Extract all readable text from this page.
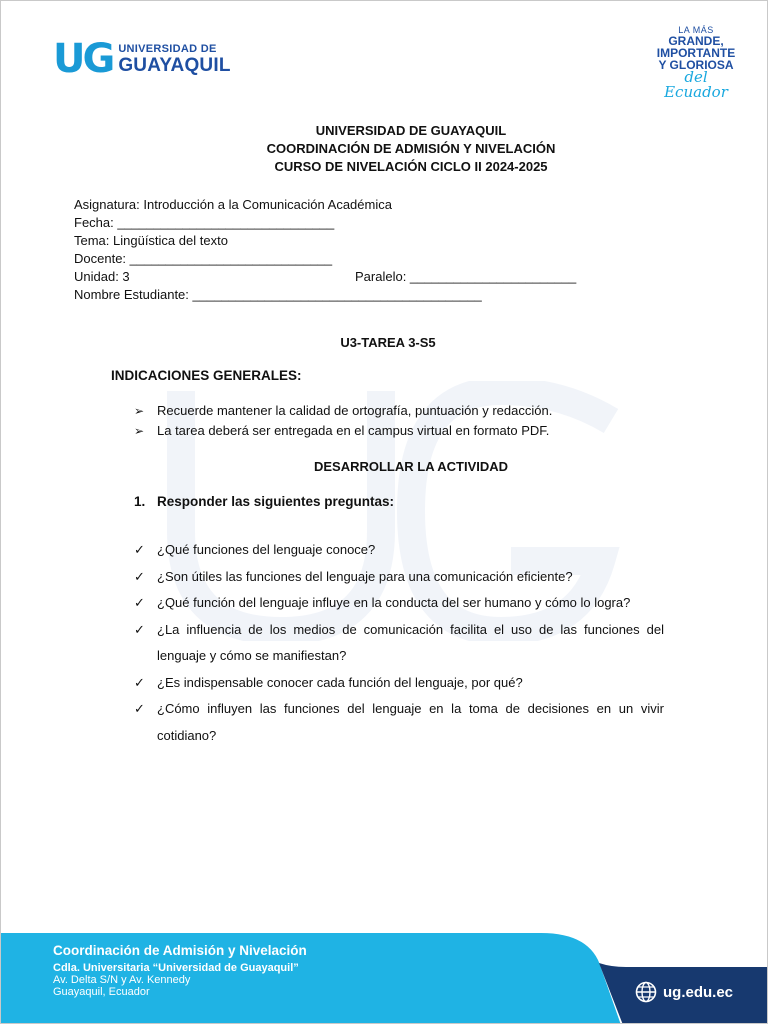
UG UNIVERSIDAD DE
GUAYAQUIL
LA MÁS
GRANDE,
IMPORTANTE
Y GLORIOSA
del Ecuador
UNIVERSIDAD DE GUAYAQUIL
COORDINACIÓN DE ADMISIÓN Y NIVELACIÓN
CURSO DE NIVELACIÓN CICLO II 2024-2025
Asignatura: Introducción a la Comunicación Académica
Fecha: ______________________________
Tema: Lingüística del texto
Docente: ____________________________
Unidad: 3	Paralelo: _______________________
Nombre Estudiante: ________________________________________
U3-TAREA 3-S5
INDICACIONES GENERALES:
➢ Recuerde mantener la calidad de ortografía, puntuación y redacción.
➢ La tarea deberá ser entregada en el campus virtual en formato PDF.
DESARROLLAR LA ACTIVIDAD
1. Responder las siguientes preguntas:
✓ ¿Qué funciones del lenguaje conoce?
✓ ¿Son útiles las funciones del lenguaje para una comunicación eficiente?
✓ ¿Qué función del lenguaje influye en la conducta del ser humano y cómo lo logra?
✓ ¿La influencia de los medios de comunicación facilita el uso de las funciones del lenguaje y cómo se manifiestan?
✓ ¿Es indispensable conocer cada función del lenguaje, por qué?
✓ ¿Cómo influyen las funciones del lenguaje en la toma de decisiones en un vivir cotidiano?
Coordinación de Admisión y Nivelación
Cdla. Universitaria “Universidad de Guayaquil”
Av. Delta S/N y Av. Kennedy
Guayaquil, Ecuador	ug.edu.ec
